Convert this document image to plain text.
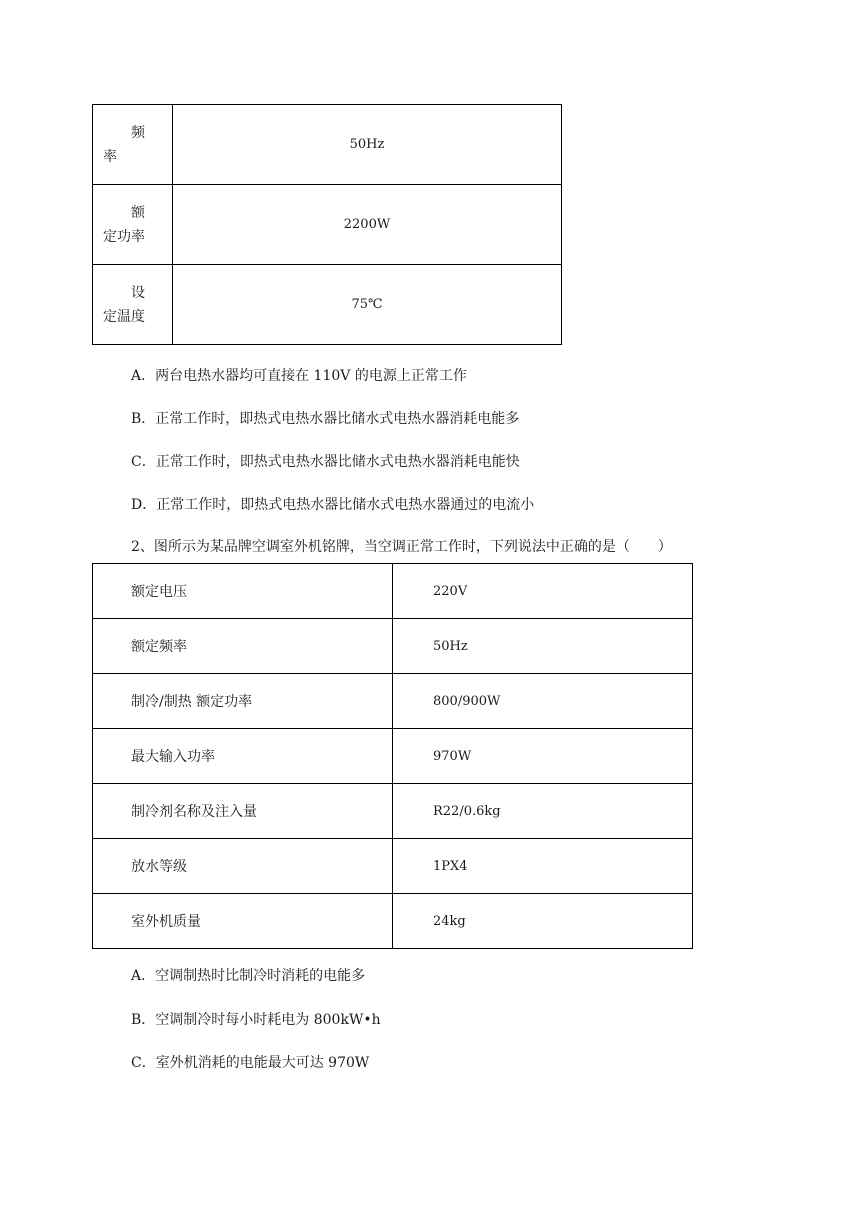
频率	50Hz
额定功率	2200W
设定温度	75℃
A．两台电热水器均可直接在 110V 的电源上正常工作
B．正常工作时，即热式电热水器比储水式电热水器消耗电能多
C．正常工作时，即热式电热水器比储水式电热水器消耗电能快
D．正常工作时，即热式电热水器比储水式电热水器通过的电流小
2、图所示为某品牌空调室外机铭牌，当空调正常工作时，下列说法中正确的是（　　）
额定电压	220V
额定频率	50Hz
制冷/制热 额定功率	800/900W
最大输入功率	970W
制冷剂名称及注入量	R22/0.6kg
放水等级	1PX4
室外机质量	24kg
A．空调制热时比制冷时消耗的电能多
B．空调制冷时每小时耗电为 800kW•h
C．室外机消耗的电能最大可达 970W
